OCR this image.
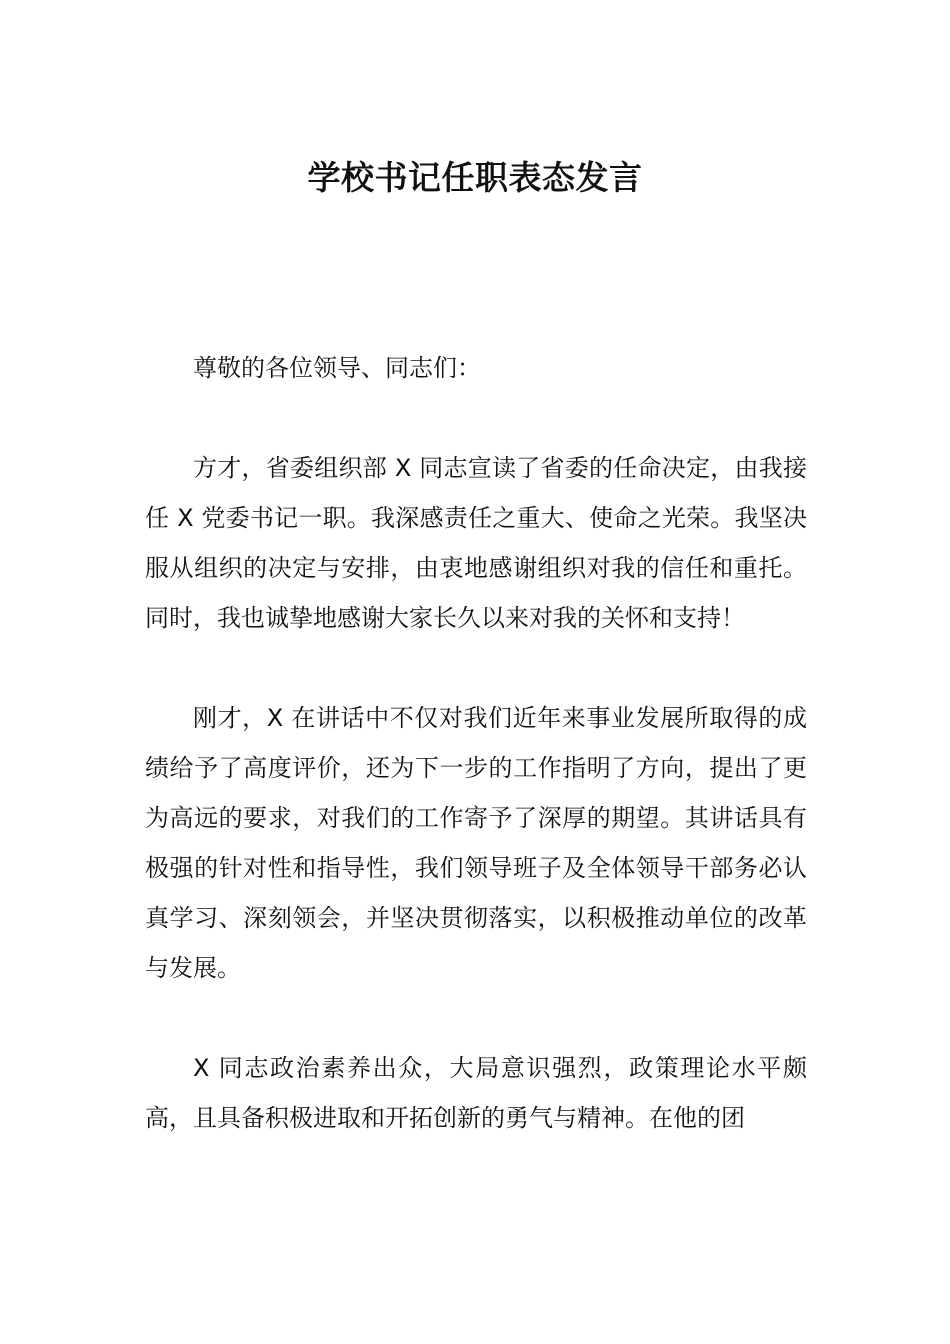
学校书记任职表态发言

尊敬的各位领导、同志们：

方才，省委组织部 X 同志宣读了省委的任命决定，由我接任 X 党委书记一职。我深感责任之重大、使命之光荣。我坚决服从组织的决定与安排，由衷地感谢组织对我的信任和重托。同时，我也诚挚地感谢大家长久以来对我的关怀和支持！

刚才，X 在讲话中不仅对我们近年来事业发展所取得的成绩给予了高度评价，还为下一步的工作指明了方向，提出了更为高远的要求，对我们的工作寄予了深厚的期望。其讲话具有极强的针对性和指导性，我们领导班子及全体领导干部务必认真学习、深刻领会，并坚决贯彻落实，以积极推动单位的改革与发展。

X 同志政治素养出众，大局意识强烈，政策理论水平颇高，且具备积极进取和开拓创新的勇气与精神。在他的团
